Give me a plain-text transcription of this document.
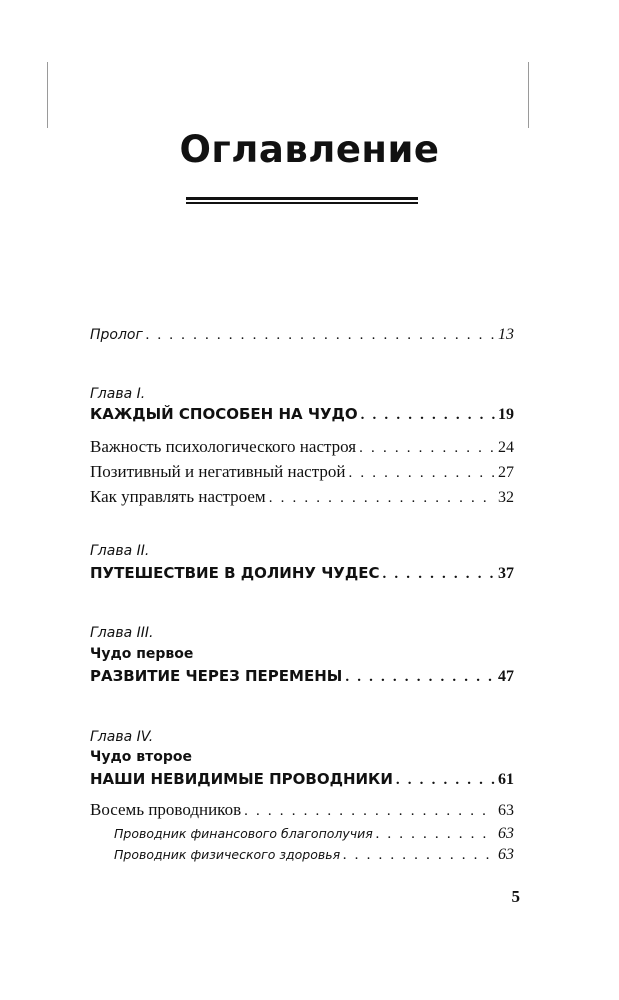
Оглавление
Пролог . . .	13
Глава I.
КАЖДЫЙ СПОСОБЕН НА ЧУДО . . .	19
Важность психологического настроя . . .	24
Позитивный и негативный настрой . . .	27
Как управлять настроем . . .	32
Глава II.
ПУТЕШЕСТВИЕ В ДОЛИНУ ЧУДЕС . . .	37
Глава III.
Чудо первое
РАЗВИТИЕ ЧЕРЕЗ ПЕРЕМЕНЫ . . .	47
Глава IV.
Чудо второе
НАШИ НЕВИДИМЫЕ ПРОВОДНИКИ . . .	61
Восемь проводников . . .	63
Проводник финансового благополучия . . .	63
Проводник физического здоровья . . .	63
5
